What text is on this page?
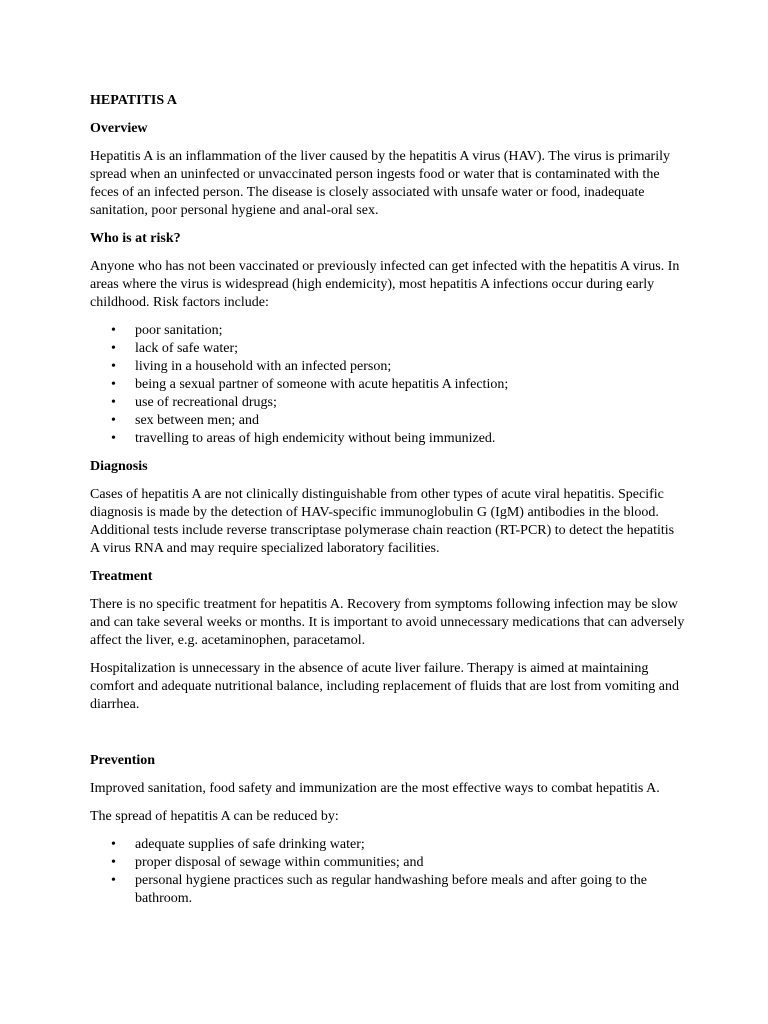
HEPATITIS A
Overview

Hepatitis A is an inflammation of the liver caused by the hepatitis A virus (HAV). The virus is primarily spread when an uninfected or unvaccinated person ingests food or water that is contaminated with the feces of an infected person. The disease is closely associated with unsafe water or food, inadequate sanitation, poor personal hygiene and anal-oral sex.

Who is at risk?

Anyone who has not been vaccinated or previously infected can get infected with the hepatitis A virus. In areas where the virus is widespread (high endemicity), most hepatitis A infections occur during early childhood. Risk factors include:

• poor sanitation;
• lack of safe water;
• living in a household with an infected person;
• being a sexual partner of someone with acute hepatitis A infection;
• use of recreational drugs;
• sex between men; and
• travelling to areas of high endemicity without being immunized.
Diagnosis

Cases of hepatitis A are not clinically distinguishable from other types of acute viral hepatitis. Specific diagnosis is made by the detection of HAV-specific immunoglobulin G (IgM) antibodies in the blood. Additional tests include reverse transcriptase polymerase chain reaction (RT-PCR) to detect the hepatitis A virus RNA and may require specialized laboratory facilities.

Treatment

There is no specific treatment for hepatitis A. Recovery from symptoms following infection may be slow and can take several weeks or months. It is important to avoid unnecessary medications that can adversely affect the liver, e.g. acetaminophen, paracetamol.

Hospitalization is unnecessary in the absence of acute liver failure. Therapy is aimed at maintaining comfort and adequate nutritional balance, including replacement of fluids that are lost from vomiting and diarrhea.

Prevention

Improved sanitation, food safety and immunization are the most effective ways to combat hepatitis A.

The spread of hepatitis A can be reduced by:

• adequate supplies of safe drinking water;
• proper disposal of sewage within communities; and
• personal hygiene practices such as regular handwashing before meals and after going to the bathroom.
